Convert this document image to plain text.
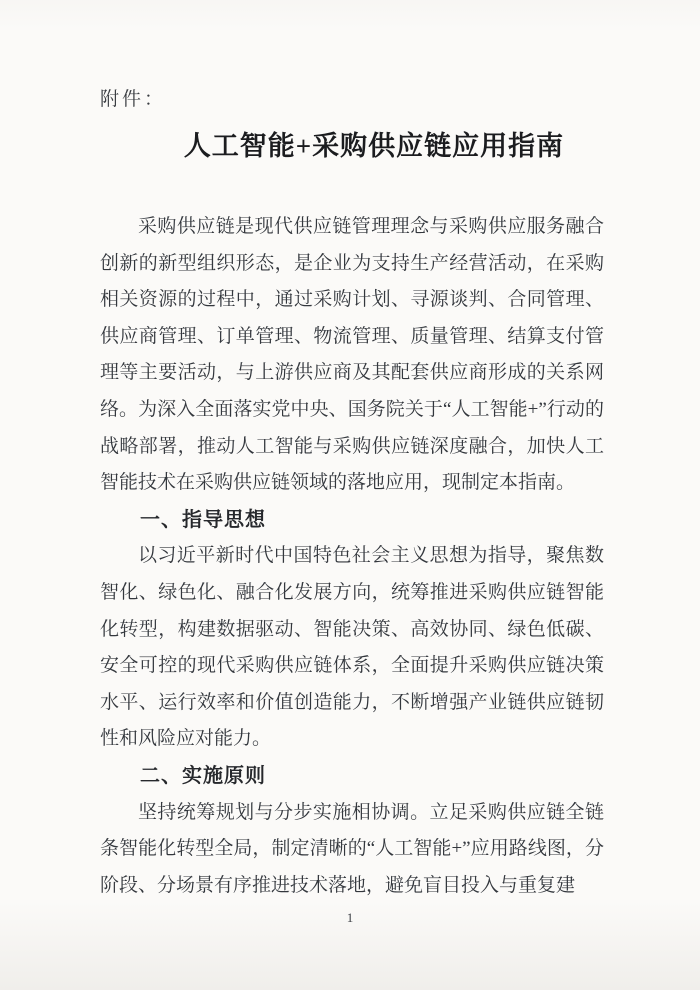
附件：
人工智能+采购供应链应用指南

采购供应链是现代供应链管理理念与采购供应服务融合创新的新型组织形态，是企业为支持生产经营活动，在采购相关资源的过程中，通过采购计划、寻源谈判、合同管理、供应商管理、订单管理、物流管理、质量管理、结算支付管理等主要活动，与上游供应商及其配套供应商形成的关系网络。为深入全面落实党中央、国务院关于“人工智能+”行动的战略部署，推动人工智能与采购供应链深度融合，加快人工智能技术在采购供应链领域的落地应用，现制定本指南。

一、指导思想

以习近平新时代中国特色社会主义思想为指导，聚焦数智化、绿色化、融合化发展方向，统筹推进采购供应链智能化转型，构建数据驱动、智能决策、高效协同、绿色低碳、安全可控的现代采购供应链体系，全面提升采购供应链决策水平、运行效率和价值创造能力，不断增强产业链供应链韧性和风险应对能力。

二、实施原则

坚持统筹规划与分步实施相协调。立足采购供应链全链条智能化转型全局，制定清晰的“人工智能+”应用路线图，分阶段、分场景有序推进技术落地，避免盲目投入与重复建

1
